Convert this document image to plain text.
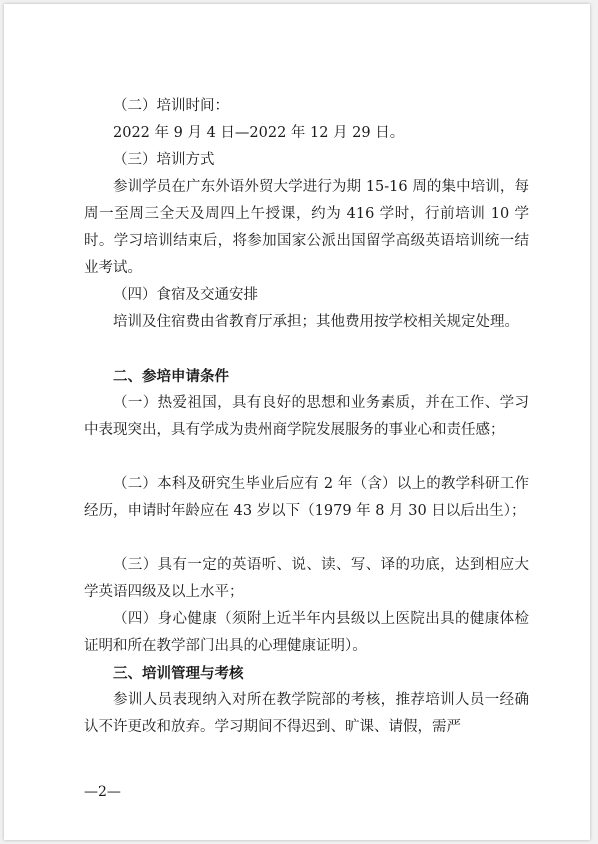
（二）培训时间：

2022 年 9 月 4 日—2022 年 12 月 29 日。

（三）培训方式

参训学员在广东外语外贸大学进行为期 15-16 周的集中培训，每周一至周三全天及周四上午授课，约为 416 学时，行前培训 10 学时。学习培训结束后，将参加国家公派出国留学高级英语培训统一结业考试。

（四）食宿及交通安排

培训及住宿费由省教育厅承担；其他费用按学校相关规定处理。

二、参培申请条件

（一）热爱祖国，具有良好的思想和业务素质，并在工作、学习中表现突出，具有学成为贵州商学院发展服务的事业心和责任感；

（二）本科及研究生毕业后应有 2 年（含）以上的教学科研工作经历，申请时年龄应在 43 岁以下（1979 年 8 月 30 日以后出生）；

（三）具有一定的英语听、说、读、写、译的功底，达到相应大学英语四级及以上水平；

（四）身心健康（须附上近半年内县级以上医院出具的健康体检证明和所在教学部门出具的心理健康证明）。

三、培训管理与考核

参训人员表现纳入对所在教学院部的考核，推荐培训人员一经确认不许更改和放弃。学习期间不得迟到、旷课、请假，需严

—2—
